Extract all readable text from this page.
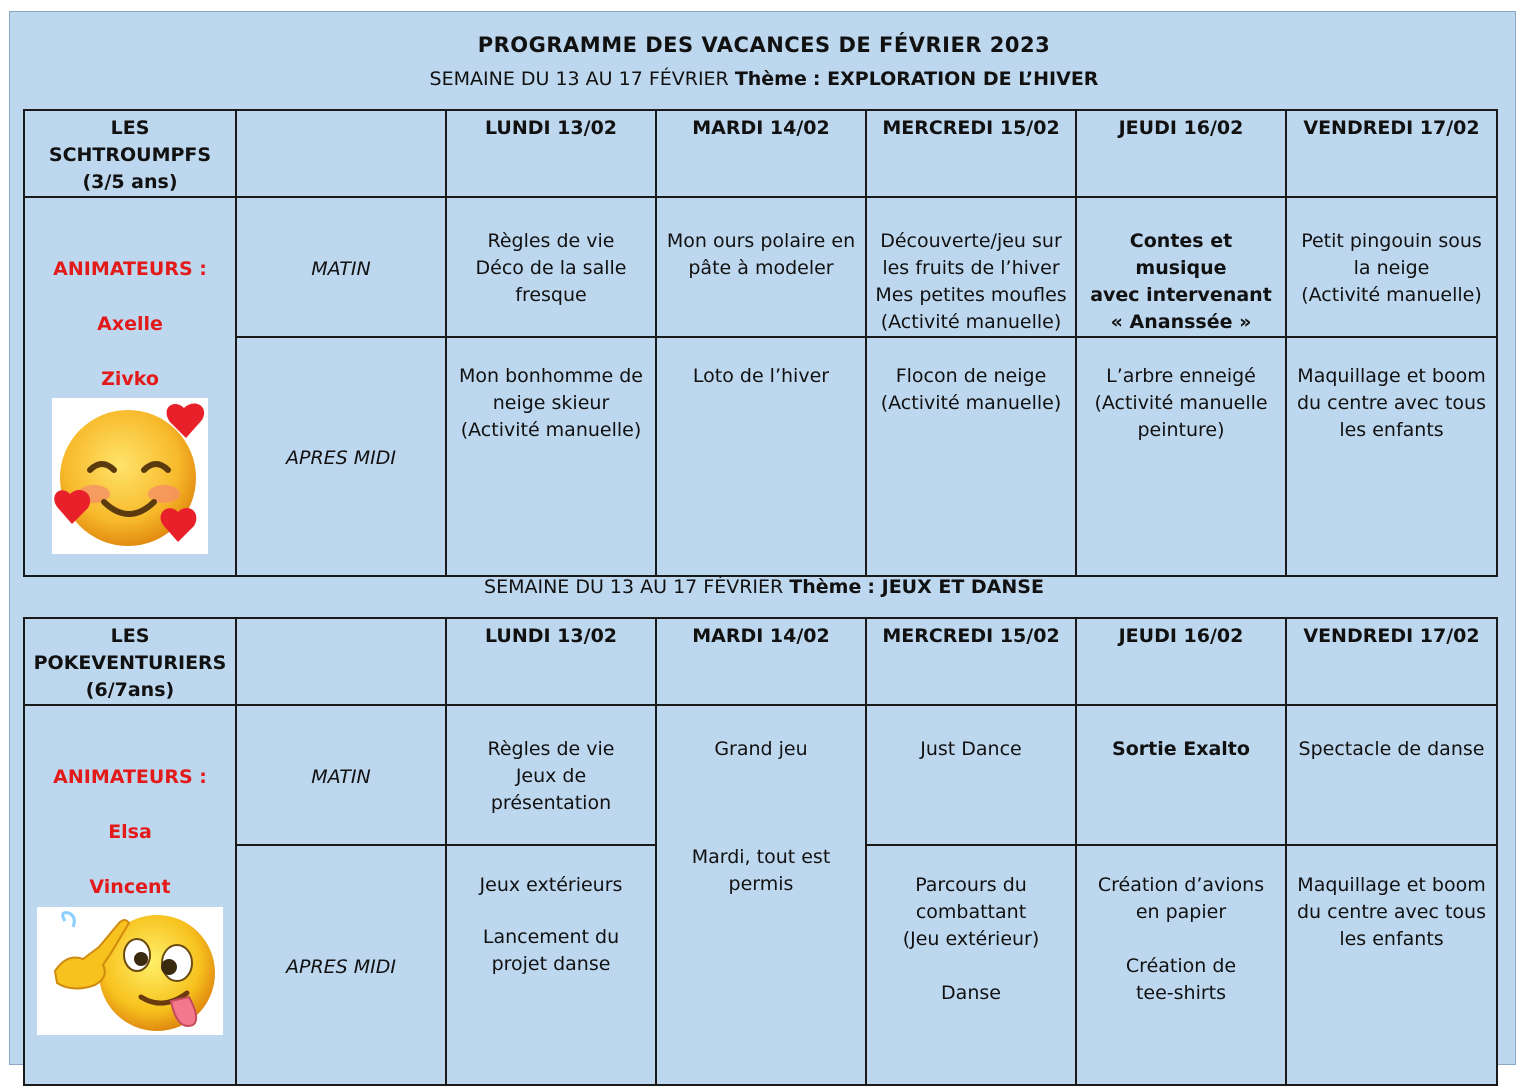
PROGRAMME DES VACANCES DE FÉVRIER 2023
SEMAINE DU 13 AU 17 FÉVRIER Thème : EXPLORATION DE L’HIVER
LES
SCHTROUMPFS
(3/5 ans)		LUNDI 13/02	MARDI 14/02	MERCREDI 15/02	JEUDI 16/02	VENDREDI 17/02

ANIMATEURS :
Axelle
Zivko	MATIN	Règles de vie
Déco de la salle
fresque	Mon ours polaire en
pâte à modeler	Découverte/jeu sur
les fruits de l’hiver
Mes petites moufles
(Activité manuelle)	Contes et musique
avec intervenant
« Ananssée »	Petit pingouin sous
la neige
(Activité manuelle)

	APRES MIDI	Mon bonhomme de
neige skieur
(Activité manuelle)	Loto de l’hiver	Flocon de neige
(Activité manuelle)	L’arbre enneigé
(Activité manuelle
peinture)	Maquillage et boom
du centre avec tous
les enfants
SEMAINE DU 13 AU 17 FÉVRIER Thème : JEUX ET DANSE
LES
POKEVENTURIERS
(6/7ans)		LUNDI 13/02	MARDI 14/02	MERCREDI 15/02	JEUDI 16/02	VENDREDI 17/02

ANIMATEURS :
Elsa
Vincent	MATIN	Règles de vie
Jeux de
présentation	Grand jeu
Mardi, tout est
permis	Just Dance	Sortie Exalto	Spectacle de danse

	APRES MIDI	Jeux extérieurs
Lancement du
projet danse		Parcours du
combattant
(Jeu extérieur)
Danse	Création d’avions
en papier
Création de
tee-shirts	Maquillage et boom
du centre avec tous
les enfants
